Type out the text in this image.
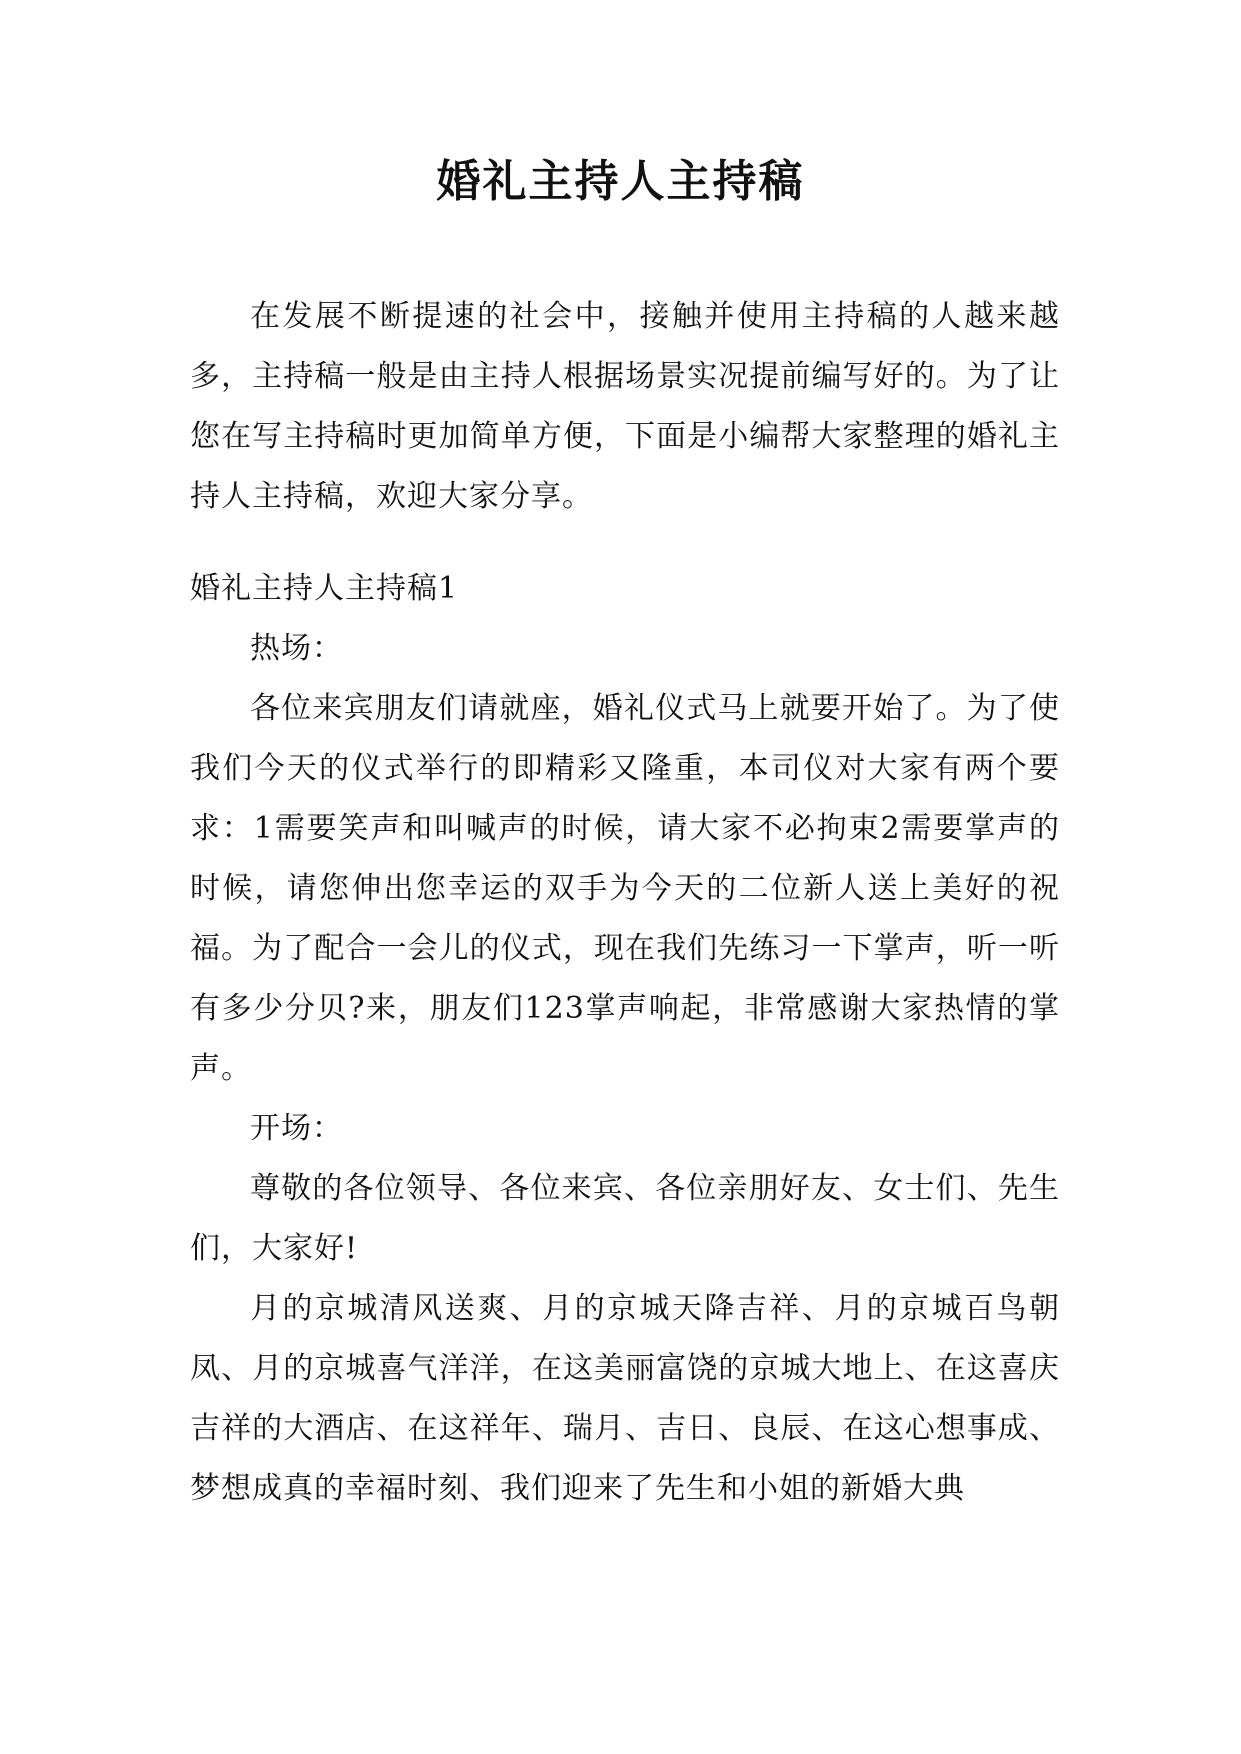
婚礼主持人主持稿

在发展不断提速的社会中，接触并使用主持稿的人越来越多，主持稿一般是由主持人根据场景实况提前编写好的。为了让您在写主持稿时更加简单方便，下面是小编帮大家整理的婚礼主持人主持稿，欢迎大家分享。

婚礼主持人主持稿1

热场：

各位来宾朋友们请就座，婚礼仪式马上就要开始了。为了使我们今天的仪式举行的即精彩又隆重，本司仪对大家有两个要求：1需要笑声和叫喊声的时候，请大家不必拘束2需要掌声的时候，请您伸出您幸运的双手为今天的二位新人送上美好的祝福。为了配合一会儿的仪式，现在我们先练习一下掌声，听一听有多少分贝?来，朋友们123掌声响起，非常感谢大家热情的掌声。

开场：

尊敬的各位领导、各位来宾、各位亲朋好友、女士们、先生们，大家好!

月的京城清风送爽、月的京城天降吉祥、月的京城百鸟朝凤、月的京城喜气洋洋，在这美丽富饶的京城大地上、在这喜庆吉祥的大酒店、在这祥年、瑞月、吉日、良辰、在这心想事成、梦想成真的幸福时刻、我们迎来了先生和小姐的新婚大典
